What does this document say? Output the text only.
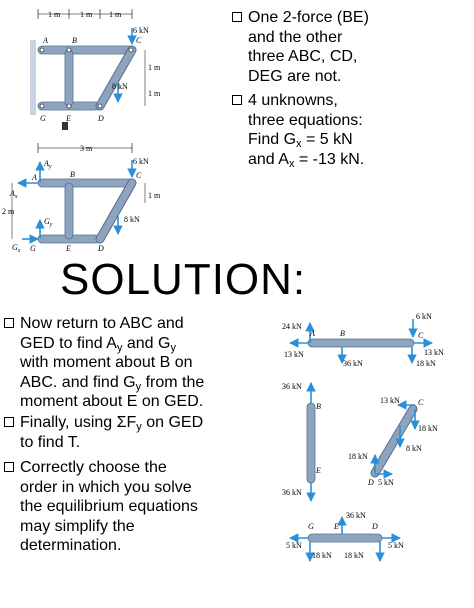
1 m 1 m 1 m
A	B	C
G	E	D
6 kN
8 kN
1 m
1 m
3 m
A	B	C
G	E	D
$A_y$
$A_x$
$G_y$
$G_x$
6 kN
8 kN
1 m
2 m
One 2-force (BE)
and the other
three ABC, CD,
DEG are not.
4 unknowns,
three equations:
Find $G_x = 5$ kN
and $A_x = -13$ kN.
SOLUTION:
Now return to ABC and
GED to find $A_y$ and $G_y$
with moment about B on
ABC. and find $G_y$ from the
moment about E on GED.
Finally, using $\Sigma F_y$ on GED
to find T.
Correctly choose the
order in which you solve
the equilibrium equations
may simplify the
determination.
24 kN
6 kN
A	B	C
13 kN
36 kN
13 kN
18 kN
36 kN
B
E
36 kN
13 kN C
18 kN
8 kN
18 kN
D 5 kN
36 kN
G	E	D
5 kN	5 kN
18 kN 18 kN
